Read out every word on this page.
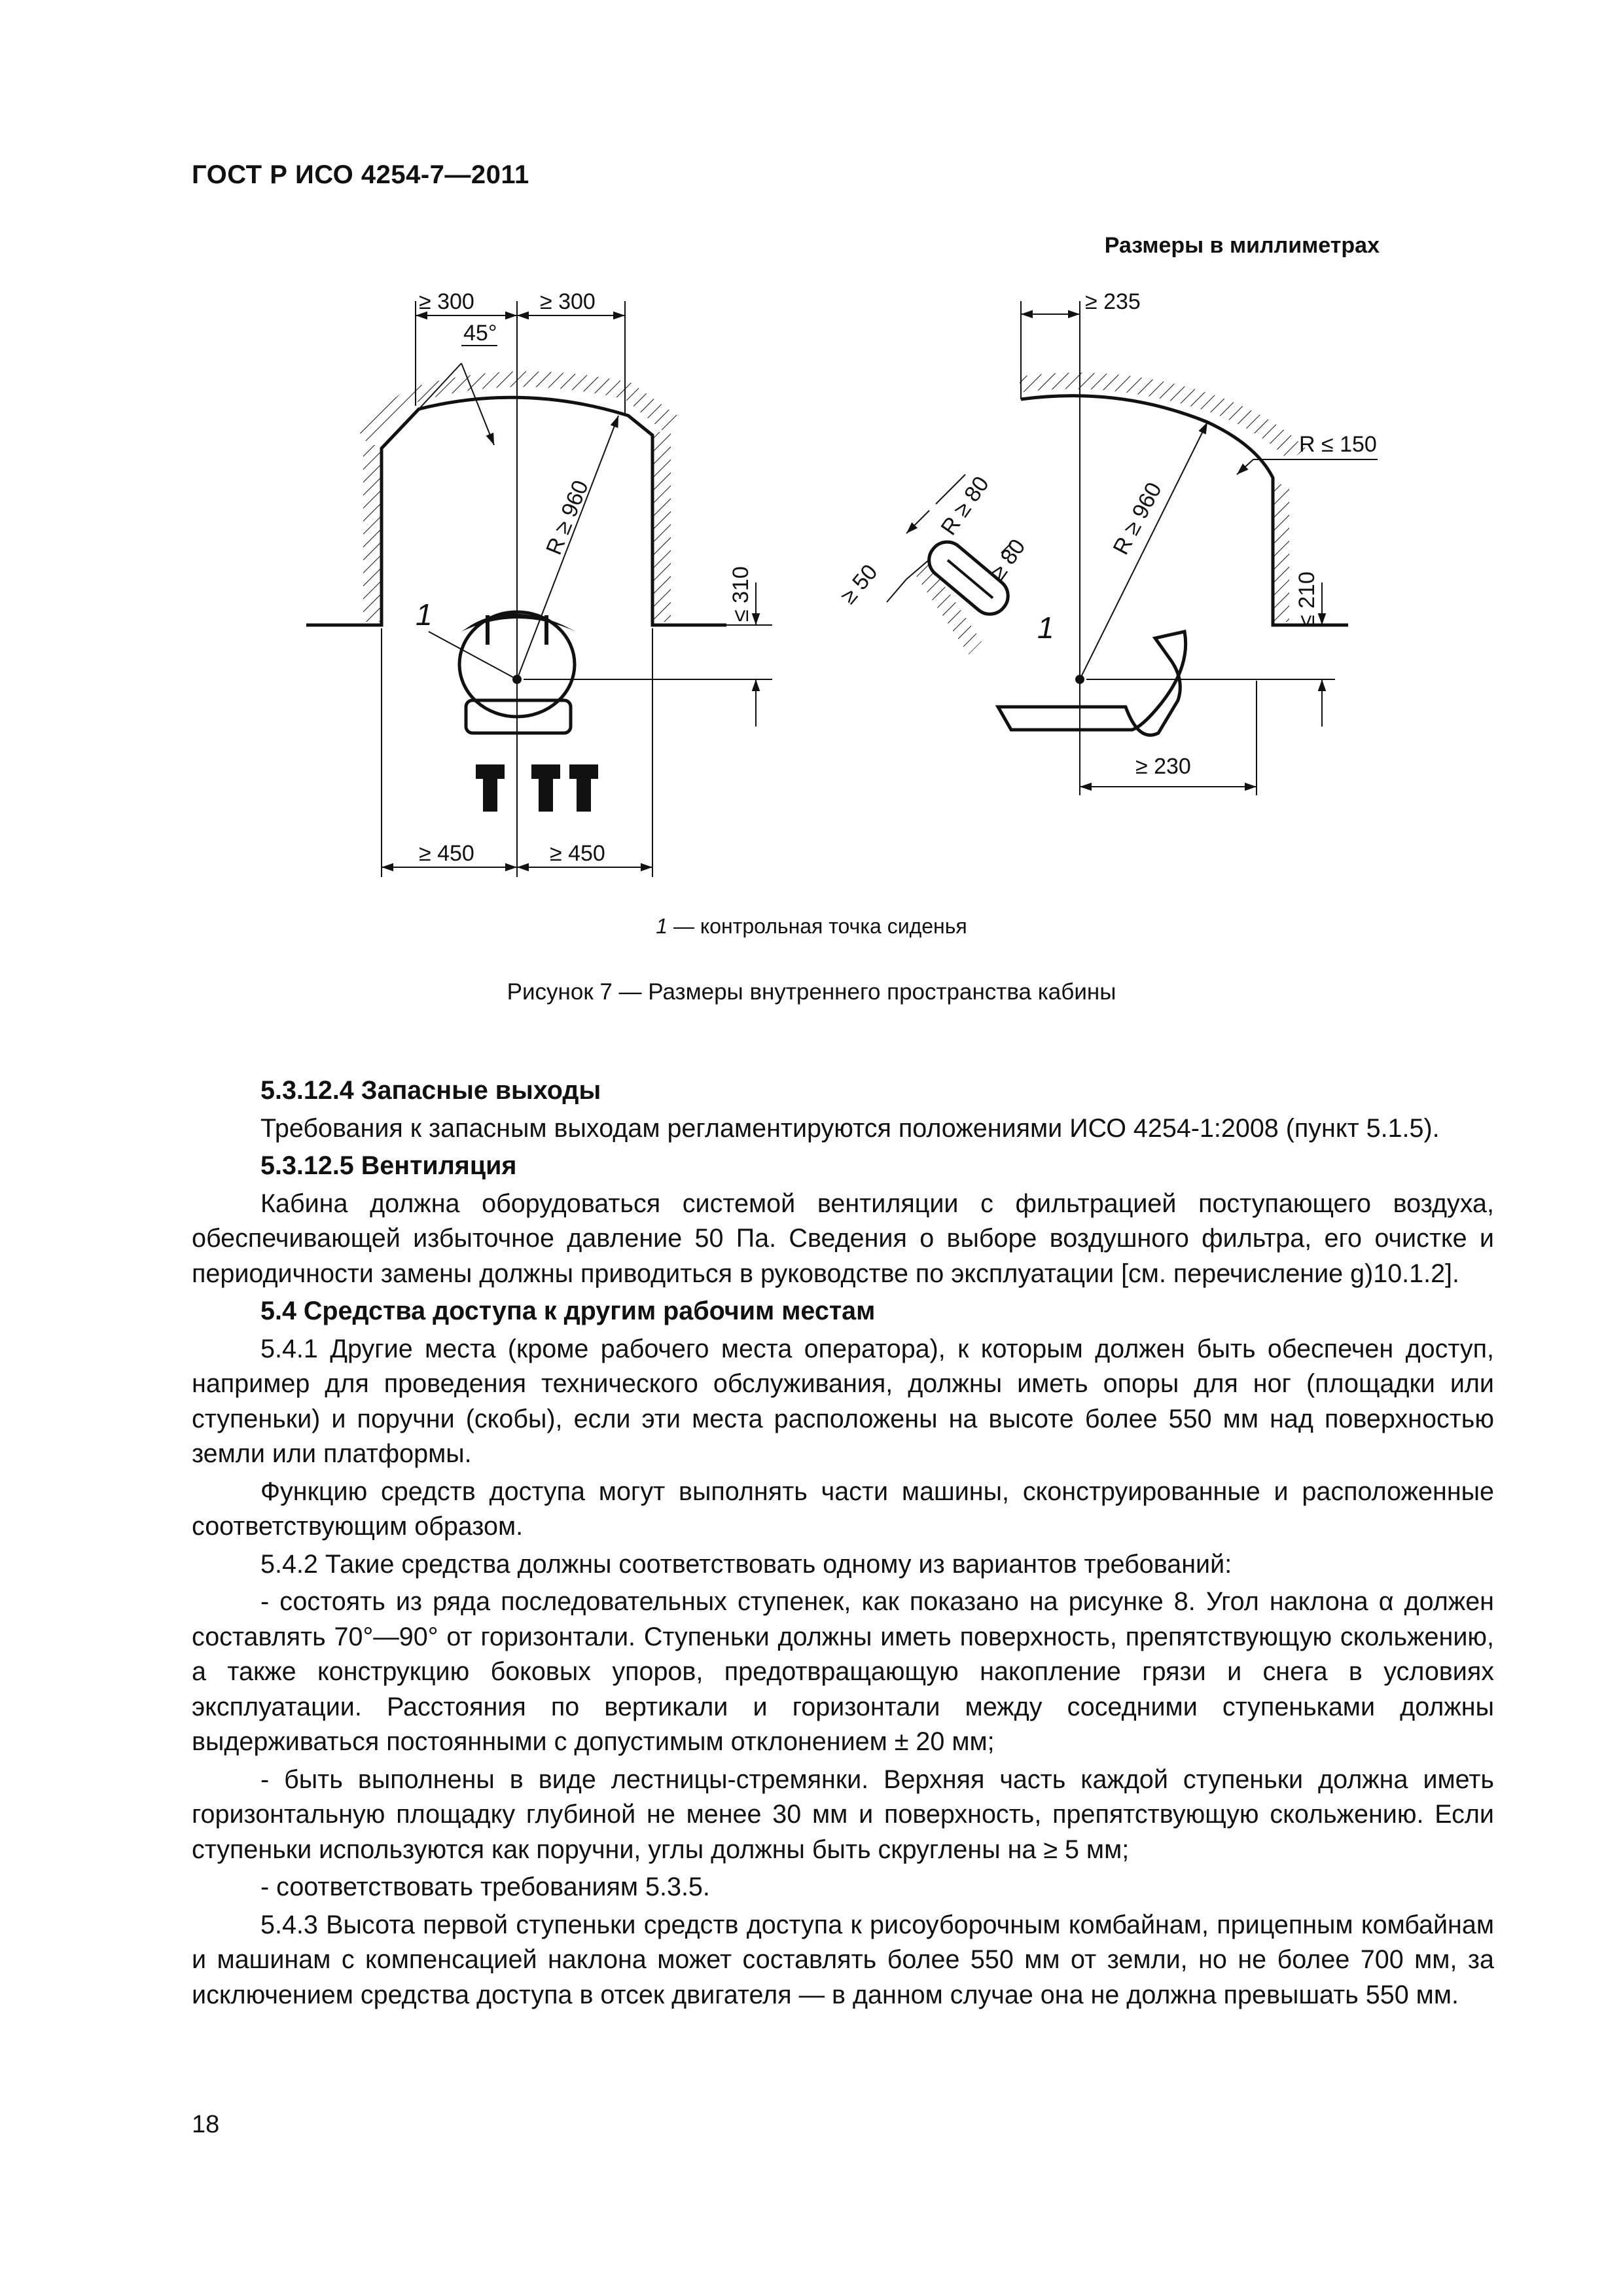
ГОСТ Р ИСО 4254-7—2011
Размеры в миллиметрах
≥ 300	≥ 300
45°
R ≥ 960
≤ 310
≥ 450	≥ 450
1
≥ 235
R ≤ 150
R ≥ 960
R ≥ 80
≥ 80
≥ 50	≤ 210
≥ 230
1
1 — контрольная точка сиденья
Рисунок 7 — Размеры внутреннего пространства кабины
5.3.12.4 Запасные выходы

Требования к запасным выходам регламентируются положениями ИСО 4254-1:2008 (пункт 5.1.5).

5.3.12.5 Вентиляция

Кабина должна оборудоваться системой вентиляции с фильтрацией поступающего воздуха, обеспечивающей избыточное давление 50 Па. Сведения о выборе воздушного фильтра, его очистке и периодичности замены должны приводиться в руководстве по эксплуатации [см. перечисление g)10.1.2].

5.4 Средства доступа к другим рабочим местам

5.4.1 Другие места (кроме рабочего места оператора), к которым должен быть обеспечен доступ, например для проведения технического обслуживания, должны иметь опоры для ног (площадки или ступеньки) и поручни (скобы), если эти места расположены на высоте более 550 мм над поверхностью земли или платформы.

Функцию средств доступа могут выполнять части машины, сконструированные и расположенные соответствующим образом.

5.4.2 Такие средства должны соответствовать одному из вариантов требований:

- состоять из ряда последовательных ступенек, как показано на рисунке 8. Угол наклона α должен составлять 70°—90° от горизонтали. Ступеньки должны иметь поверхность, препятствующую скольжению, а также конструкцию боковых упоров, предотвращающую накопление грязи и снега в условиях эксплуатации. Расстояния по вертикали и горизонтали между соседними ступеньками должны выдерживаться постоянными с допустимым отклонением ± 20 мм;

- быть выполнены в виде лестницы-стремянки. Верхняя часть каждой ступеньки должна иметь горизонтальную площадку глубиной не менее 30 мм и поверхность, препятствующую скольжению. Если ступеньки используются как поручни, углы должны быть скруглены на ≥ 5 мм;

- соответствовать требованиям 5.3.5.

5.4.3 Высота первой ступеньки средств доступа к рисоуборочным комбайнам, прицепным комбайнам и машинам с компенсацией наклона может составлять более 550 мм от земли, но не более 700 мм, за исключением средства доступа в отсек двигателя — в данном случае она не должна превышать 550 мм.

18
